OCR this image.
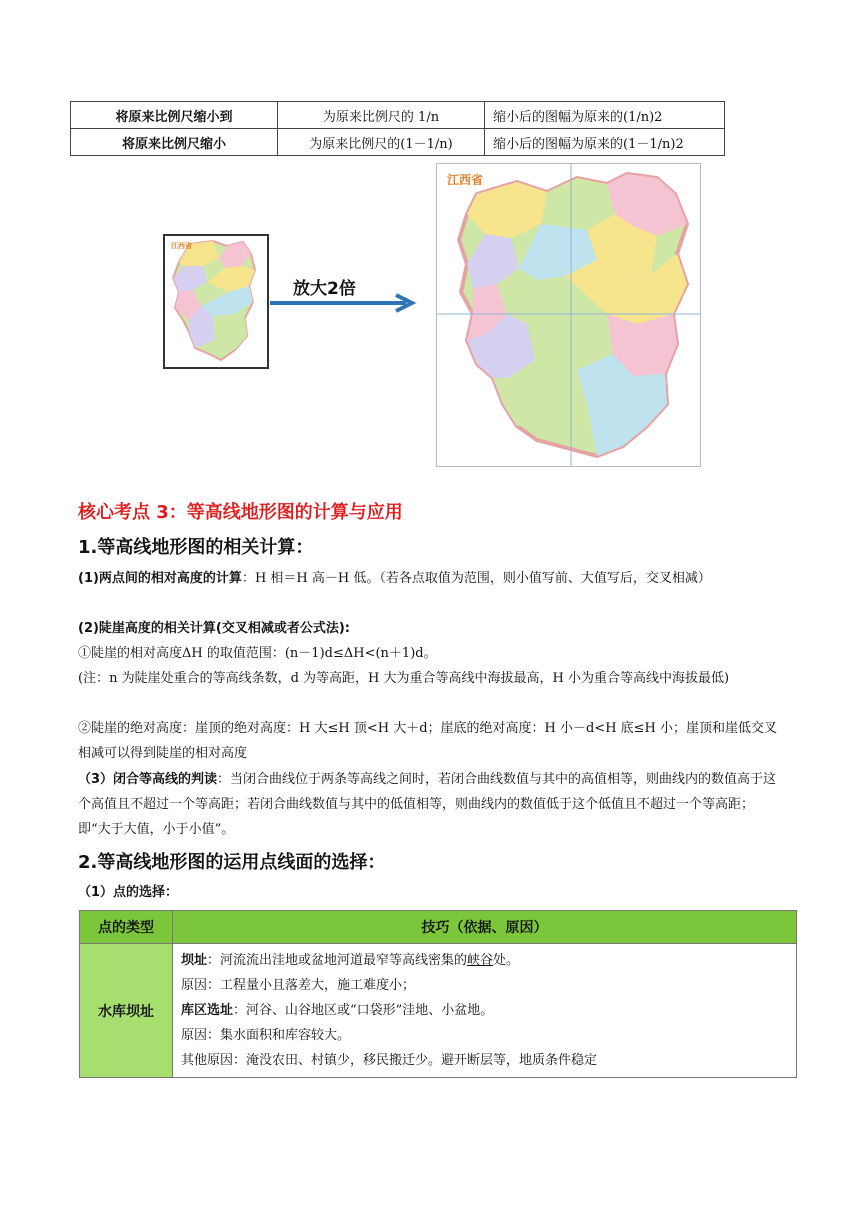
将原来比例尺缩小到	为原来比例尺的 1/n	缩小后的图幅为原来的(1/n)2
将原来比例尺缩小	为原来比例尺的(1－1/n)	缩小后的图幅为原来的(1－1/n)2
江西省
放大2倍
江西省
核心考点 3：等高线地形图的计算与应用
1.等高线地形图的相关计算：
(1)两点间的相对高度的计算：H 相＝H 高－H 低。（若各点取值为范围，则小值写前、大值写后，交叉相减）
(2)陡崖高度的相关计算(交叉相减或者公式法):
①陡崖的相对高度ΔH 的取值范围：(n－1)d≤ΔH<(n＋1)d。
(注：n 为陡崖处重合的等高线条数，d 为等高距，H 大为重合等高线中海拔最高，H 小为重合等高线中海拔最低)
②陡崖的绝对高度：崖顶的绝对高度：H 大≤H 顶<H 大＋d；崖底的绝对高度：H 小－d<H 底≤H 小；崖顶和崖低交叉相减可以得到陡崖的相对高度
（3）闭合等高线的判读：当闭合曲线位于两条等高线之间时，若闭合曲线数值与其中的高值相等，则曲线内的数值高于这个高值且不超过一个等高距；若闭合曲线数值与其中的低值相等，则曲线内的数值低于这个低值且不超过一个等高距；即“大于大值，小于小值”。
2.等高线地形图的运用点线面的选择：
（1）点的选择：
点的类型	技巧（依据、原因）
水库坝址	坝址：河流流出洼地或盆地河道最窄等高线密集的峡谷处。
原因：工程量小且落差大，施工难度小；
库区选址：河谷、山谷地区或“口袋形”洼地、小盆地。
原因：集水面积和库容较大。
其他原因：淹没农田、村镇少，移民搬迁少。避开断层等，地质条件稳定
